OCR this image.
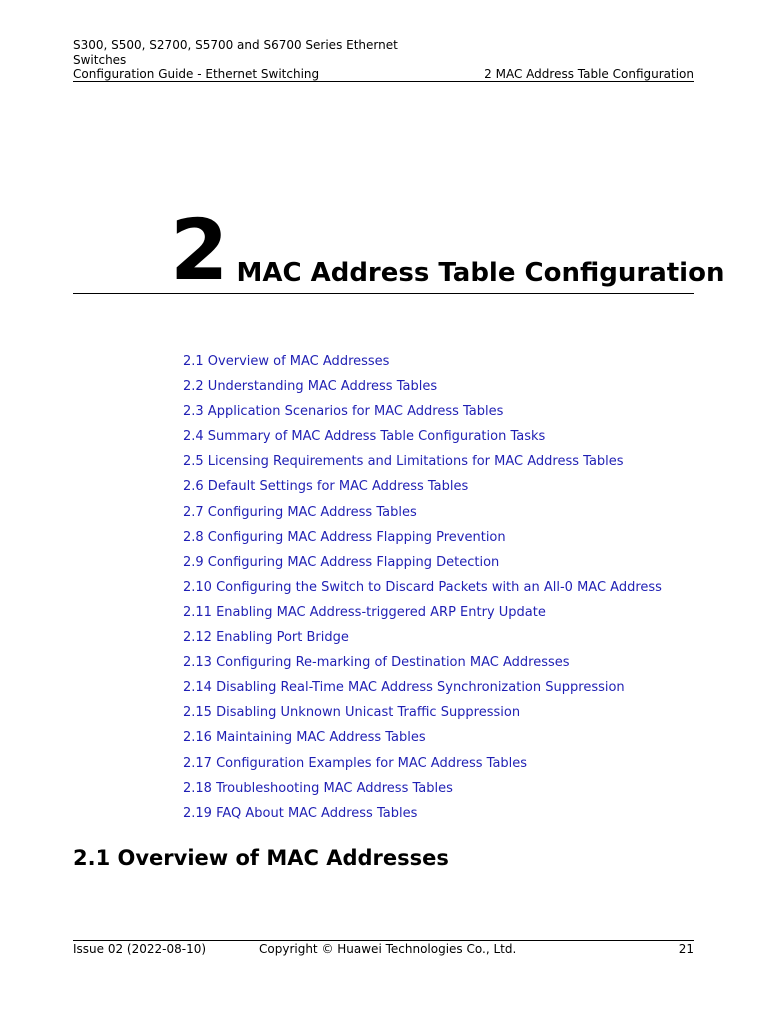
S300, S500, S2700, S5700 and S6700 Series Ethernet
Switches
Configuration Guide - Ethernet Switching	2 MAC Address Table Configuration
2 MAC Address Table Configuration
2.1 Overview of MAC Addresses
2.2 Understanding MAC Address Tables
2.3 Application Scenarios for MAC Address Tables
2.4 Summary of MAC Address Table Configuration Tasks
2.5 Licensing Requirements and Limitations for MAC Address Tables
2.6 Default Settings for MAC Address Tables
2.7 Configuring MAC Address Tables
2.8 Configuring MAC Address Flapping Prevention
2.9 Configuring MAC Address Flapping Detection
2.10 Configuring the Switch to Discard Packets with an All-0 MAC Address
2.11 Enabling MAC Address-triggered ARP Entry Update
2.12 Enabling Port Bridge
2.13 Configuring Re-marking of Destination MAC Addresses
2.14 Disabling Real-Time MAC Address Synchronization Suppression
2.15 Disabling Unknown Unicast Traffic Suppression
2.16 Maintaining MAC Address Tables
2.17 Configuration Examples for MAC Address Tables
2.18 Troubleshooting MAC Address Tables
2.19 FAQ About MAC Address Tables
2.1 Overview of MAC Addresses
Issue 02 (2022-08-10)	Copyright © Huawei Technologies Co., Ltd.	21
